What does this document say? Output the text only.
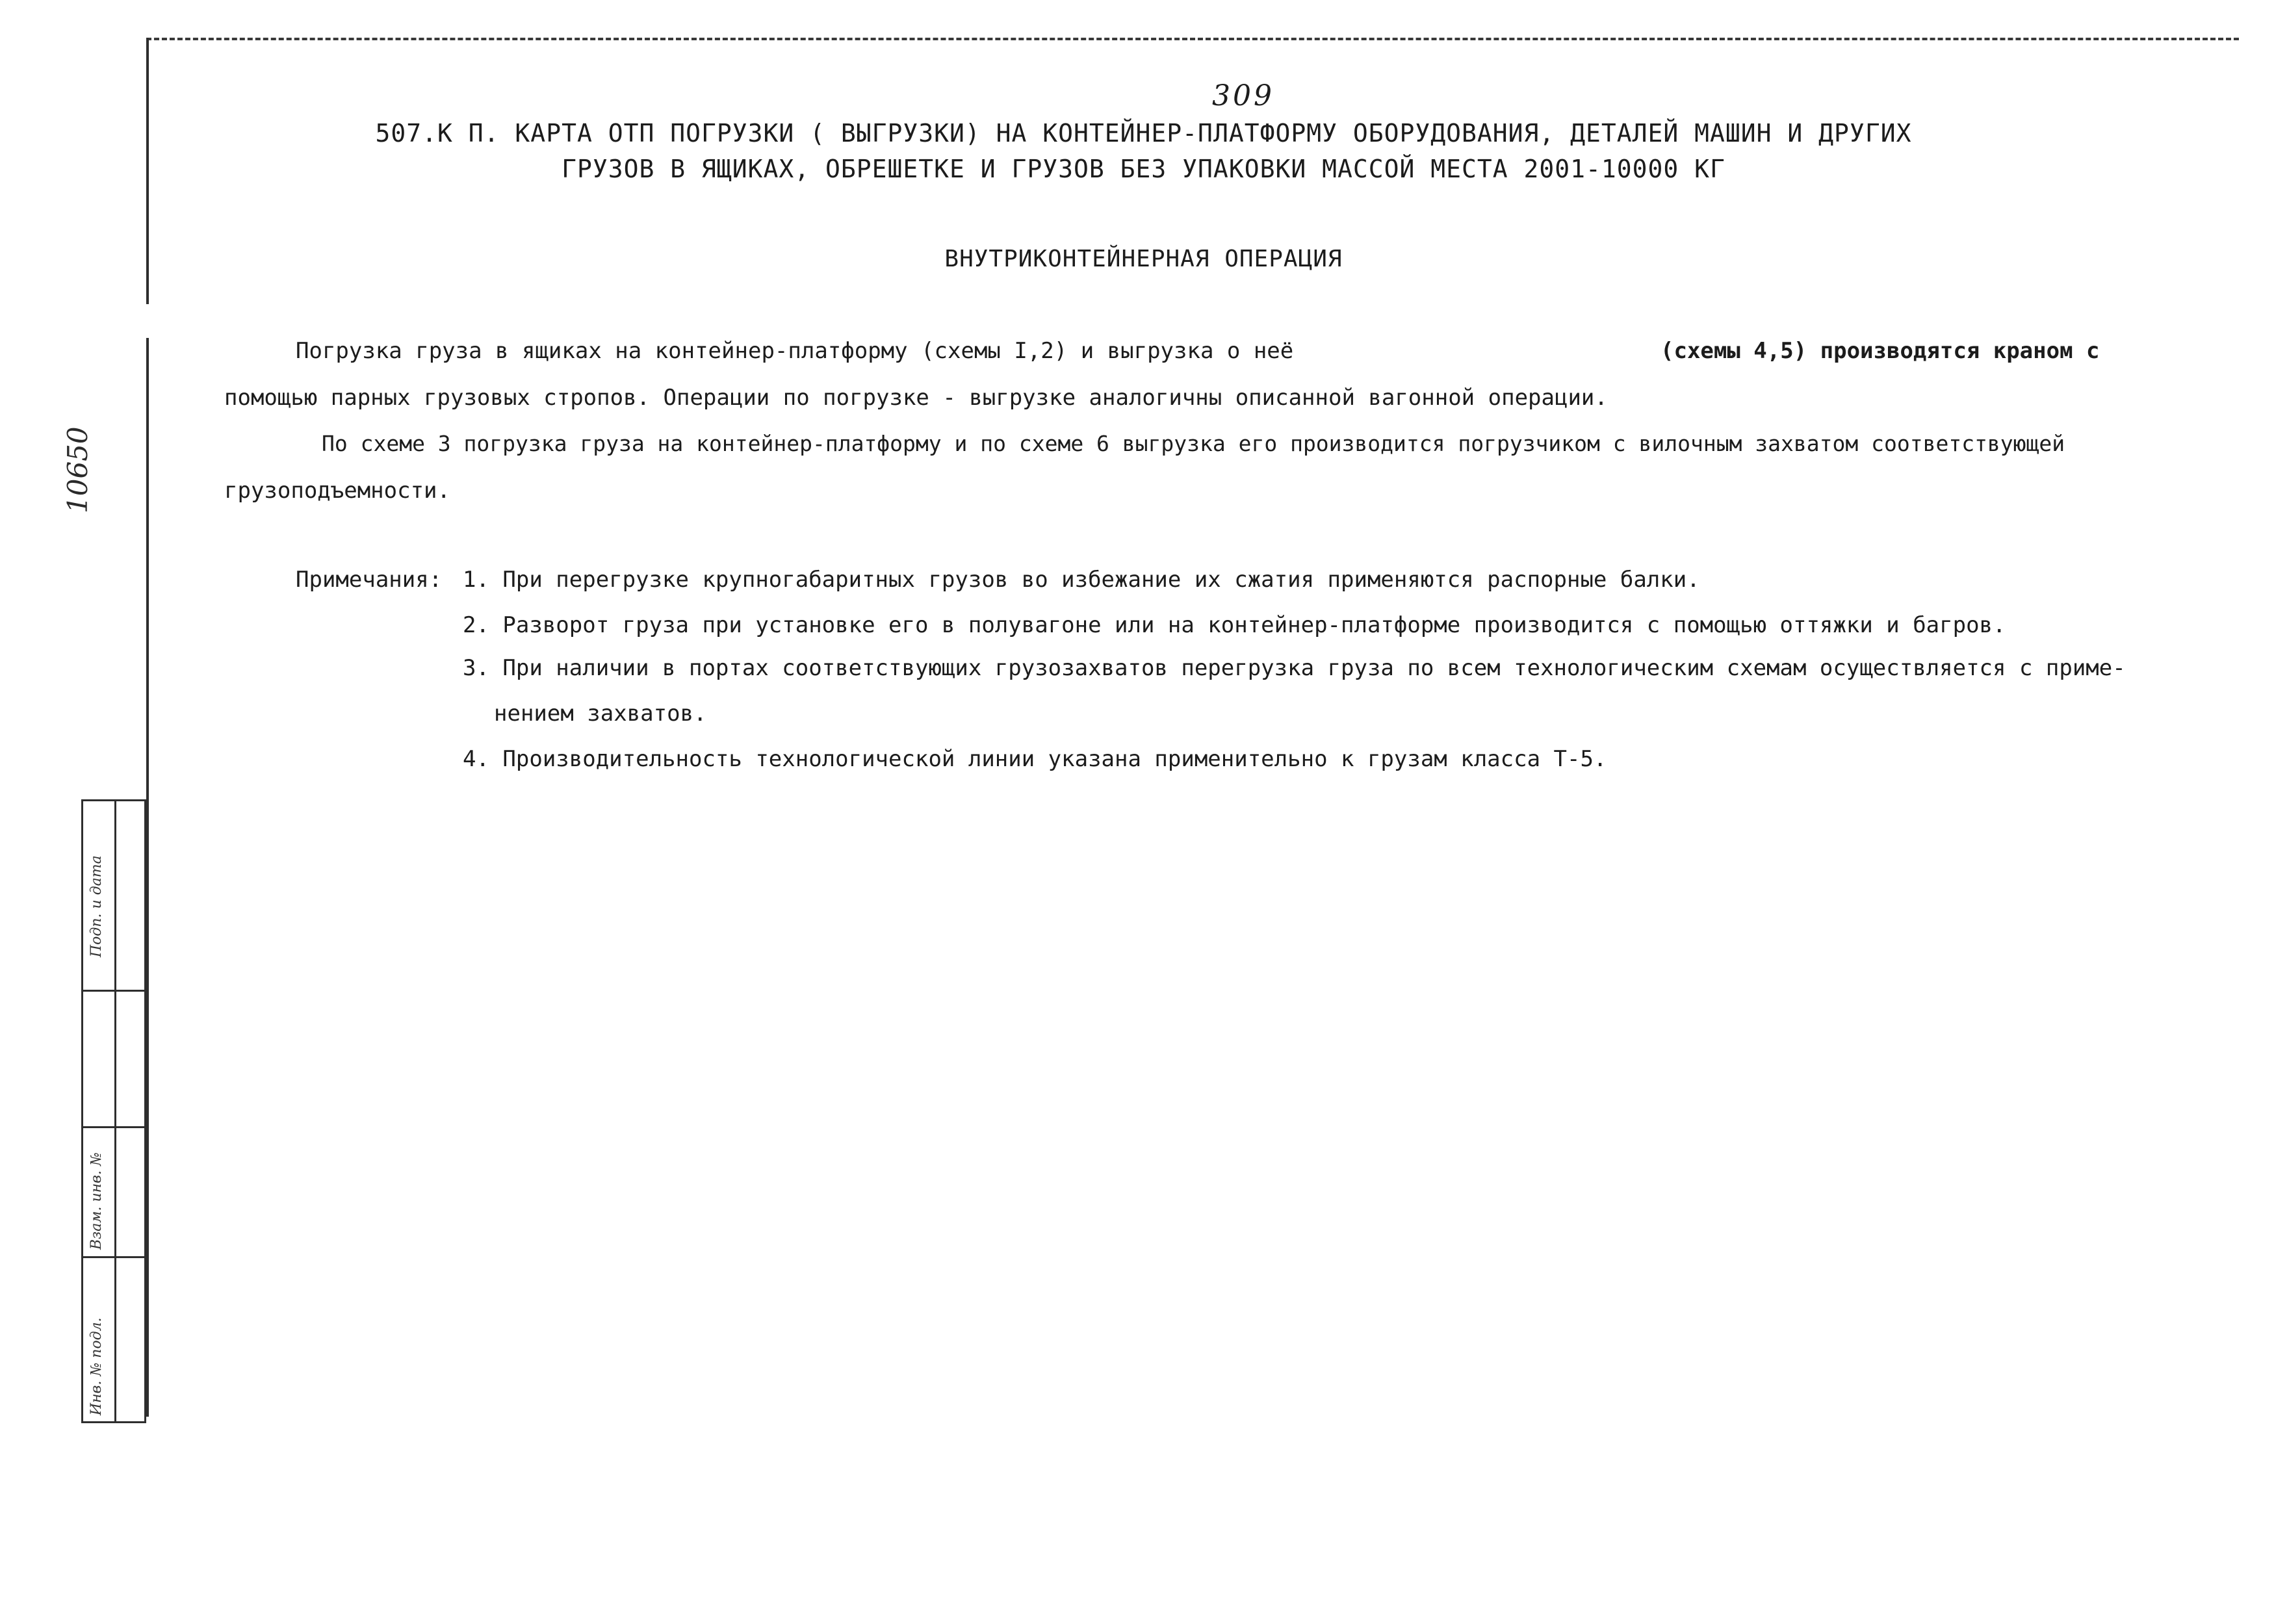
309
507.К П. КАРТА ОТП ПОГРУЗКИ ( ВЫГРУЗКИ) НА КОНТЕЙНЕР-ПЛАТФОРМУ ОБОРУДОВАНИЯ, ДЕТАЛЕЙ МАШИН И ДРУГИХ
ГРУЗОВ В ЯЩИКАХ, ОБРЕШЕТКЕ И ГРУЗОВ БЕЗ УПАКОВКИ МАССОЙ МЕСТА 2001-10000 КГ
ВНУТРИКОНТЕЙНЕРНАЯ ОПЕРАЦИЯ
Погрузка груза в ящиках на контейнер-платформу (схемы I,2) и выгрузка о неё	(схемы 4,5) производятся краном с
помощью парных грузовых стропов. Операции по погрузке - выгрузке аналогичны описанной вагонной операции.
По схеме 3 погрузка груза на контейнер-платформу и по схеме 6 выгрузка его производится погрузчиком с вилочным захватом соответствующей
грузоподъемности.
Примечания: 1. При перегрузке крупногабаритных грузов во избежание их сжатия применяются распорные балки.
2. Разворот груза при установке его в полувагоне или на контейнер-платформе производится с помощью оттяжки и багров.
3. При наличии в портах соответствующих грузозахватов перегрузка груза по всем технологическим схемам осуществляется с приме-
нением захватов.
4. Производительность технологической линии указана применительно к грузам класса Т-5.
10650
Подп. и дата
Взам. инв. №
Инв. № подл.
